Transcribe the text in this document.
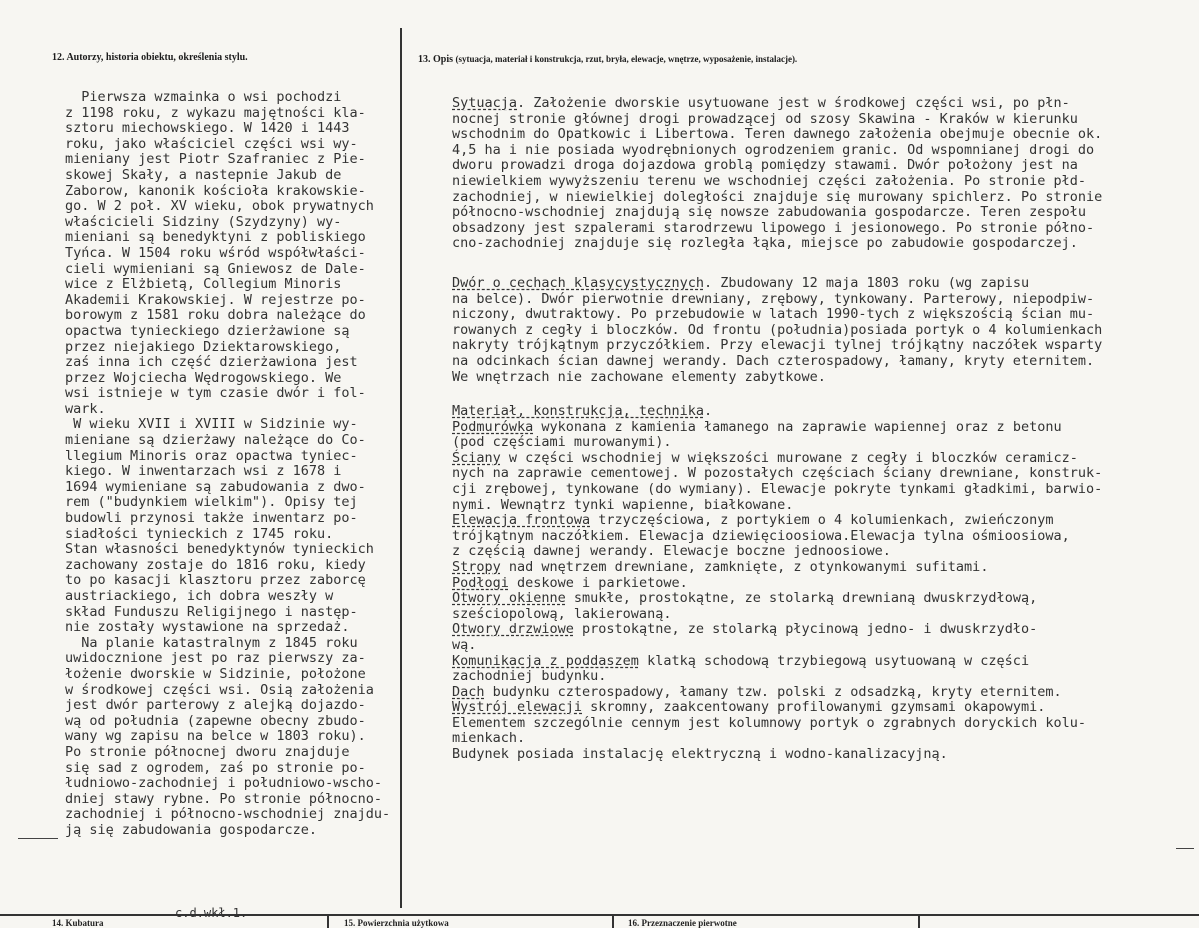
12. Autorzy, historia obiektu, określenia stylu.	13. Opis (sytuacja, materiał i konstrukcja, rzut, bryła, elewacje, wnętrze, wyposażenie, instalacje).
Pierwsza wzmainka o wsi pochodzi
z 1198 roku, z wykazu majętności kla-
sztoru miechowskiego. W 1420 i 1443
roku, jako właściciel części wsi wy-
mieniany jest Piotr Szafraniec z Pie-
skowej Skały, a nastepnie Jakub de
Zaborow, kanonik kościoła krakowskie-
go. W 2 poł. XV wieku, obok prywatnych
właścicieli Sidziny (Szydzyny) wy-
mieniani są benedyktyni z pobliskiego
Tyńca. W 1504 roku wśród współwłaści-
cieli wymieniani są Gniewosz de Dale-
wice z Elżbietą, Collegium Minoris
Akademii Krakowskiej. W rejestrze po-
borowym z 1581 roku dobra należące do
opactwa tynieckiego dzierżawione są
przez niejakiego Dziektarowskiego,
zaś inna ich część dzierżawiona jest
przez Wojciecha Wędrogowskiego. We
wsi istnieje w tym czasie dwór i fol-
wark.
W wieku XVII i XVIII w Sidzinie wy-
mieniane są dzierżawy należące do Co-
llegium Minoris oraz opactwa tyniec-
kiego. W inwentarzach wsi z 1678 i
1694 wymieniane są zabudowania z dwo-
rem ("budynkiem wielkim"). Opisy tej
budowli przynosi także inwentarz po-
siadłości tynieckich z 1745 roku.
Stan własności benedyktynów tynieckich
zachowany zostaje do 1816 roku, kiedy
to po kasacji klasztoru przez zaborcę
austriackiego, ich dobra weszły w
skład Funduszu Religijnego i następ-
nie zostały wystawione na sprzedaż.
Na planie katastralnym z 1845 roku
uwidocznione jest po raz pierwszy za-
łożenie dworskie w Sidzinie, położone
w środkowej części wsi. Osią założenia
jest dwór parterowy z alejką dojazdo-
wą od południa (zapewne obecny zbudo-
wany wg zapisu na belce w 1803 roku).
Po stronie północnej dworu znajduje
się sad z ogrodem, zaś po stronie po-
łudniowo-zachodniej i południowo-wscho-
dniej stawy rybne. Po stronie północno-
zachodniej i północno-wschodniej znajdu-
ją się zabudowania gospodarcze.
Sytuacja. Założenie dworskie usytuowane jest w środkowej części wsi, po płn-
nocnej stronie głównej drogi prowadzącej od szosy Skawina - Kraków w kierunku
wschodnim do Opatkowic i Libertowa. Teren dawnego założenia obejmuje obecnie ok.
4,5 ha i nie posiada wyodrębnionych ogrodzeniem granic. Od wspomnianej drogi do
dworu prowadzi droga dojazdowa groblą pomiędzy stawami. Dwór położony jest na
niewielkiem wywyższeniu terenu we wschodniej części założenia. Po stronie płd-
zachodniej, w niewielkiej doległości znajduje się murowany spichlerz. Po stronie
północno-wschodniej znajdują się nowsze zabudowania gospodarcze. Teren zespołu
obsadzony jest szpalerami starodrzewu lipowego i jesionowego. Po stronie półno-
cno-zachodniej znajduje się rozległa łąka, miejsce po zabudowie gospodarczej.
Dwór o cechach klasycystycznych. Zbudowany 12 maja 1803 roku (wg zapisu
na belce). Dwór pierwotnie drewniany, zrębowy, tynkowany. Parterowy, niepodpiw-
niczony, dwutraktowy. Po przebudowie w latach 1990-tych z większością ścian mu-
rowanych z cegły i bloczków. Od frontu (południa)posiada portyk o 4 kolumienkach
nakryty trójkątnym przyczółkiem. Przy elewacji tylnej trójkątny naczółek wsparty
na odcinkach ścian dawnej werandy. Dach czterospadowy, łamany, kryty eternitem.
We wnętrzach nie zachowane elementy zabytkowe.
Materiał, konstrukcja, technika.
Podmurówka wykonana z kamienia łamanego na zaprawie wapiennej oraz z betonu
(pod częściami murowanymi).
Ściany w części wschodniej w większości murowane z cegły i bloczków ceramicz-
nych na zaprawie cementowej. W pozostałych częściach ściany drewniane, konstruk-
cji zrębowej, tynkowane (do wymiany). Elewacje pokryte tynkami gładkimi, barwio-
nymi. Wewnątrz tynki wapienne, białkowane.
Elewacja frontowa trzyczęściowa, z portykiem o 4 kolumienkach, zwieńczonym
trójkątnym naczółkiem. Elewacja dziewięcioosiowa.Elewacja tylna ośmioosiowa,
z częścią dawnej werandy. Elewacje boczne jednoosiowe.
Stropy nad wnętrzem drewniane, zamknięte, z otynkowanymi sufitami.
Podłogi deskowe i parkietowe.
Otwory okienne smukłe, prostokątne, ze stolarką drewnianą dwuskrzydłową,
sześciopolową, lakierowaną.
Otwory drzwiowe prostokątne, ze stolarką płycinową jedno- i dwuskrzydło-
wą.
Komunikacja z poddaszem klatką schodową trzybiegową usytuowaną w części
zachodniej budynku.
Dach budynku czterospadowy, łamany tzw. polski z odsadzką, kryty eternitem.
Wystrój elewacji skromny, zaakcentowany profilowanymi gzymsami okapowymi.
Elementem szczególnie cennym jest kolumnowy portyk o zgrabnych doryckich kolu-
mienkach.
Budynek posiada instalację elektryczną i wodno-kanalizacyjną.
c.d.wkł.1.
14. Kubatura	15. Powierzchnia użytkowa	16. Przeznaczenie pierwotne
